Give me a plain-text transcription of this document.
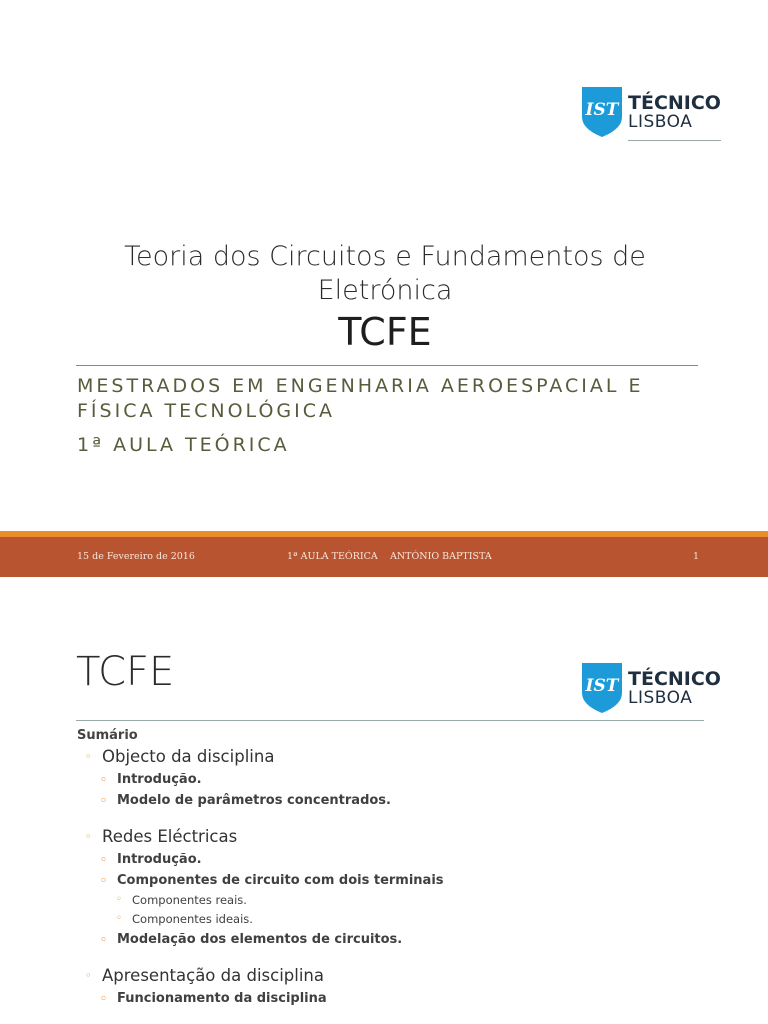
IST TÉCNICO
LISBOA
Teoria dos Circuitos e Fundamentos de Eletrónica
TCFE
MESTRADOS EM ENGENHARIA AEROESPACIAL E FÍSICA TECNOLÓGICA
1ª AULA TEÓRICA
15 de Fevereiro de 2016	1ª AULA TEÓRICA ANTÓNIO BAPTISTA	1
TCFE	IST TÉCNICO
LISBOA
Sumário
◦ Objecto da disciplina
◦ Introdução.
◦ Modelo de parâmetros concentrados.
◦ Redes Eléctricas
◦ Introdução.
◦ Componentes de circuito com dois terminais
◦ Componentes reais.
◦ Componentes ideais.
◦ Modelação dos elementos de circuitos.
◦ Apresentação da disciplina
◦ Funcionamento da disciplina
